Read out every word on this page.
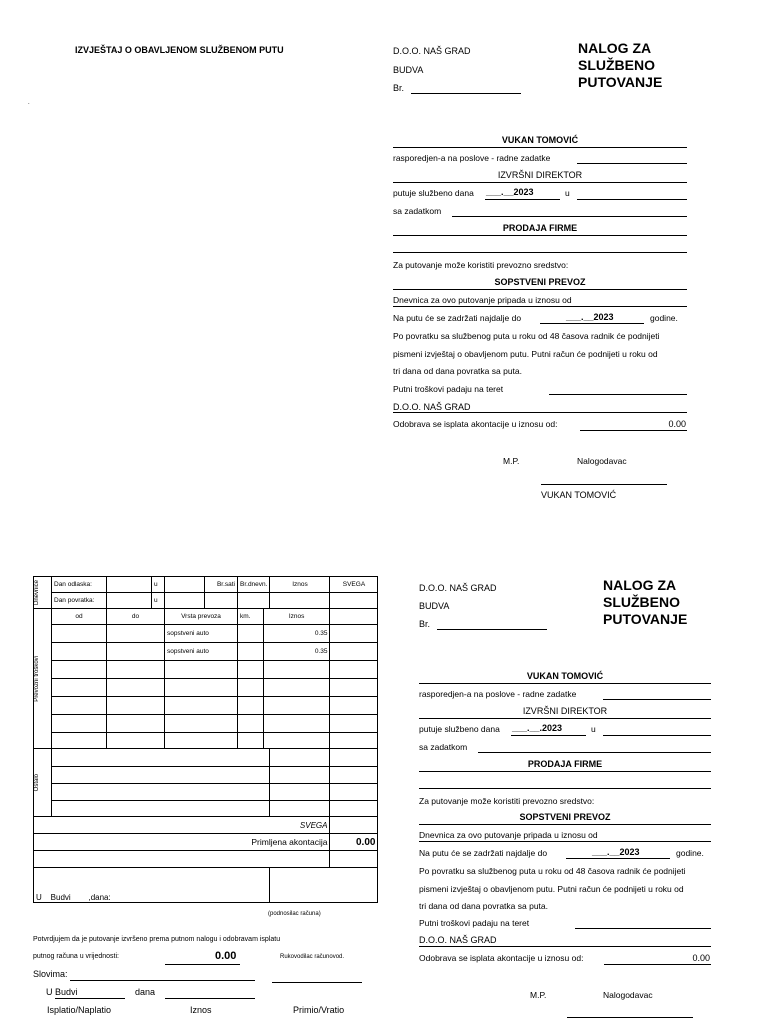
IZVJEŠTAJ O OBAVLJENOM SLUŽBENOM PUTU
.
D.O.O. NAŠ GRAD
BUDVA
Br.
NALOG ZA SLUŽBENO PUTOVANJE
VUKAN TOMOVIĆ
rasporedjen-a na poslove - radne zadatke
IZVRŠNI DIREKTOR
putuje službeno dana ___.__2023	u
sa zadatkom
PRODAJA FIRME
Za putovanje može koristiti prevozno sredstvo:
SOPSTVENI PREVOZ
Dnevnica za ovo putovanje pripada u iznosu od
Na putu će se zadržati najdalje do	___.__2023	godine.
Po povratku sa službenog puta u roku od 48 časova radnik će podnijeti
pismeni izvještaj o obavljenom putu. Putni račun će podnijeti u roku od
tri dana od dana povratka sa puta.
Putni troškovi padaju na teret
D.O.O. NAŠ GRAD
Odobrava se isplata akontacije u iznosu od:	0.00
M.P.	Nalogodavac
VUKAN TOMOVIĆ
Dnevnice	Dan odlaska:		u		Br.sati	Br.dnevn.		Iznos	SVEGA
	Dan povratka:		u						

Prevozni troškovi	od	do		Vrsta prevoza		km.	Iznos		
				sopstveni auto			0.35		
				sopstveni auto			0.35		

Ostalo									

SVEGA									
Primljena akontacija									0.00

U Budvi ,dana:									
(podnosilac računa)
Potvrdjujem da je putovanje izvršeno prema putnom nalogu i odobravam isplatu
putnog računa u vrijednosti:	0.00	Rukovodilac računovod.
Slovima:
U Budvi	dana
Isplatio/Naplatio	Iznos	Primio/Vratio
D.O.O. NAŠ GRAD
BUDVA
Br.
NALOG ZA SLUŽBENO PUTOVANJE
VUKAN TOMOVIĆ
rasporedjen-a na poslove - radne zadatke
IZVRŠNI DIREKTOR
putuje službeno dana ___.__.2023	u
sa zadatkom
PRODAJA FIRME
Za putovanje može koristiti prevozno sredstvo:
SOPSTVENI PREVOZ
Dnevnica za ovo putovanje pripada u iznosu od
Na putu će se zadržati najdalje do	___.__2023	godine.
Po povratku sa službenog puta u roku od 48 časova radnik će podnijeti
pismeni izvještaj o obavljenom putu. Putni račun će podnijeti u roku od
tri dana od dana povratka sa puta.
Putni troškovi padaju na teret
D.O.O. NAŠ GRAD
Odobrava se isplata akontacije u iznosu od:	0.00
M.P.	Nalogodavac
